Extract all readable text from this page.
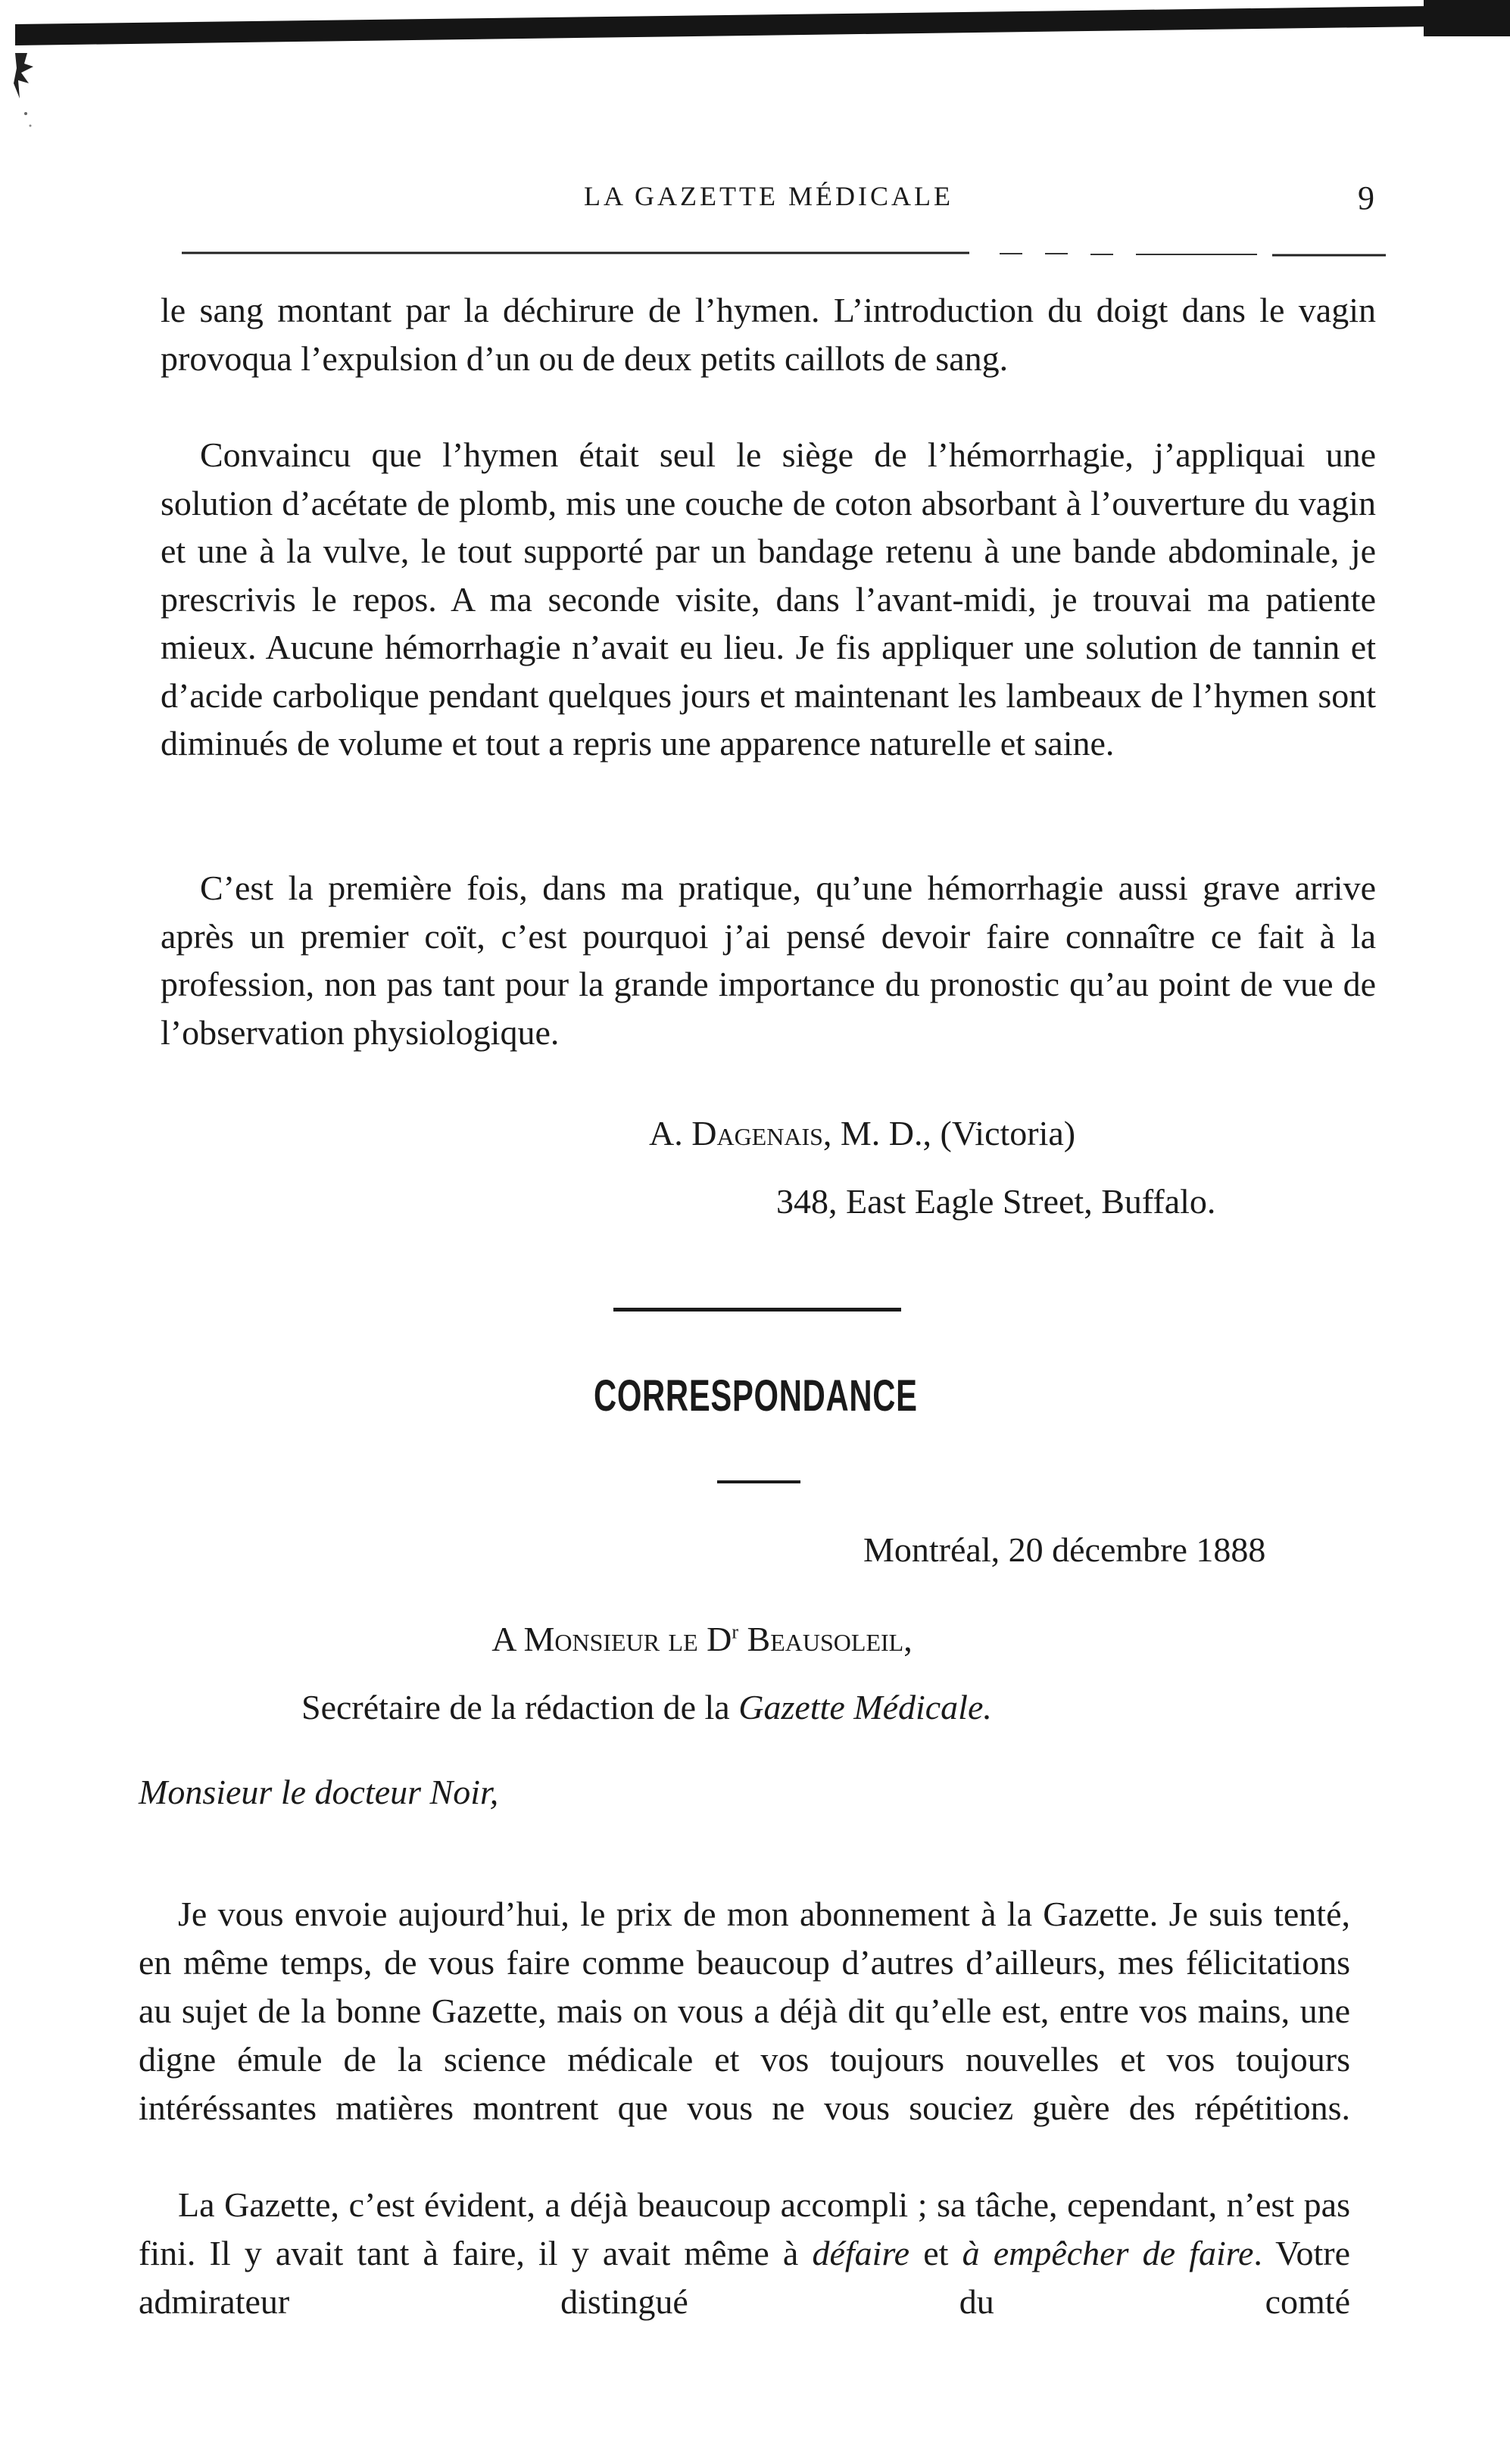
LA GAZETTE MÉDICALE	9

le sang montant par la déchirure de l’hymen. L’introduction du doigt dans le vagin provoqua l’expulsion d’un ou de deux petits caillots de sang.

Convaincu que l’hymen était seul le siège de l’hémorrhagie, j’appliquai une solution d’acétate de plomb, mis une couche de coton absorbant à l’ouverture du vagin et une à la vulve, le tout supporté par un bandage retenu à une bande abdominale, je prescrivis le repos. A ma seconde visite, dans l’avant-midi, je trouvai ma patiente mieux. Aucune hémorrhagie n’avait eu lieu. Je fis appliquer une solution de tannin et d’acide carbolique pendant quelques jours et maintenant les lambeaux de l’hymen sont diminués de volume et tout a repris une apparence naturelle et saine.

C’est la première fois, dans ma pratique, qu’une hémorrhagie aussi grave arrive après un premier coït, c’est pourquoi j’ai pensé devoir faire connaître ce fait à la profession, non pas tant pour la grande importance du pronostic qu’au point de vue de l’observation physiologique.

A. Dagenais, M. D., (Victoria)
348, East Eagle Street, Buffalo.
CORRESPONDANCE
Montréal, 20 décembre 1888
A Monsieur le $D^r$ Beausoleil,
Secrétaire de la rédaction de la Gazette Médicale.
Monsieur le docteur Noir,

Je vous envoie aujourd’hui, le prix de mon abonnement à la Gazette. Je suis tenté, en même temps, de vous faire comme beaucoup d’autres d’ailleurs, mes félicitations au sujet de la bonne Gazette, mais on vous a déjà dit qu’elle est, entre vos mains, une digne émule de la science médicale et vos toujours nouvelles et vos toujours intéréssantes matières montrent que vous ne vous souciez guère des répétitions.

La Gazette, c’est évident, a déjà beaucoup accompli ; sa tâche, cependant, n’est pas fini. Il y avait tant à faire, il y avait même à défaire et à empêcher de faire. Votre admirateur distingué du comté
